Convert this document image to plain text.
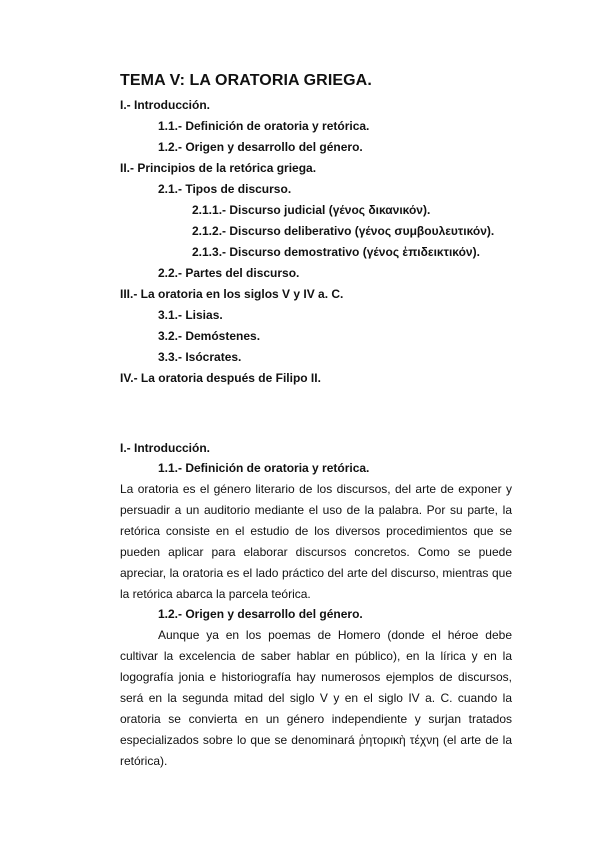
TEMA V: LA ORATORIA GRIEGA.
I.- Introducción.
1.1.- Definición de oratoria y retórica.
1.2.- Origen y desarrollo del género.
II.- Principios de la retórica griega.
2.1.- Tipos de discurso.
2.1.1.- Discurso judicial (γένος δικανικόν).
2.1.2.- Discurso deliberativo (γένος συμβουλευτικόν).
2.1.3.- Discurso demostrativo (γένος ἐπιδεικτικόν).
2.2.- Partes del discurso.
III.- La oratoria en los siglos V y IV a. C.
3.1.- Lisias.
3.2.- Demóstenes.
3.3.- Isócrates.
IV.- La oratoria después de Filipo II.
I.- Introducción.
1.1.- Definición de oratoria y retórica.

La oratoria es el género literario de los discursos, del arte de exponer y persuadir a un auditorio mediante el uso de la palabra. Por su parte, la retórica consiste en el estudio de los diversos procedimientos que se pueden aplicar para elaborar discursos concretos. Como se puede apreciar, la oratoria es el lado práctico del arte del discurso, mientras que la retórica abarca la parcela teórica.

1.2.- Origen y desarrollo del género.

Aunque ya en los poemas de Homero (donde el héroe debe cultivar la excelencia de saber hablar en público), en la lírica y en la logografía jonia e historiografía hay numerosos ejemplos de discursos, será en la segunda mitad del siglo V y en el siglo IV a. C. cuando la oratoria se convierta en un género independiente y surjan tratados especializados sobre lo que se denominará ῥητορικὴ τέχνη (el arte de la retórica).
